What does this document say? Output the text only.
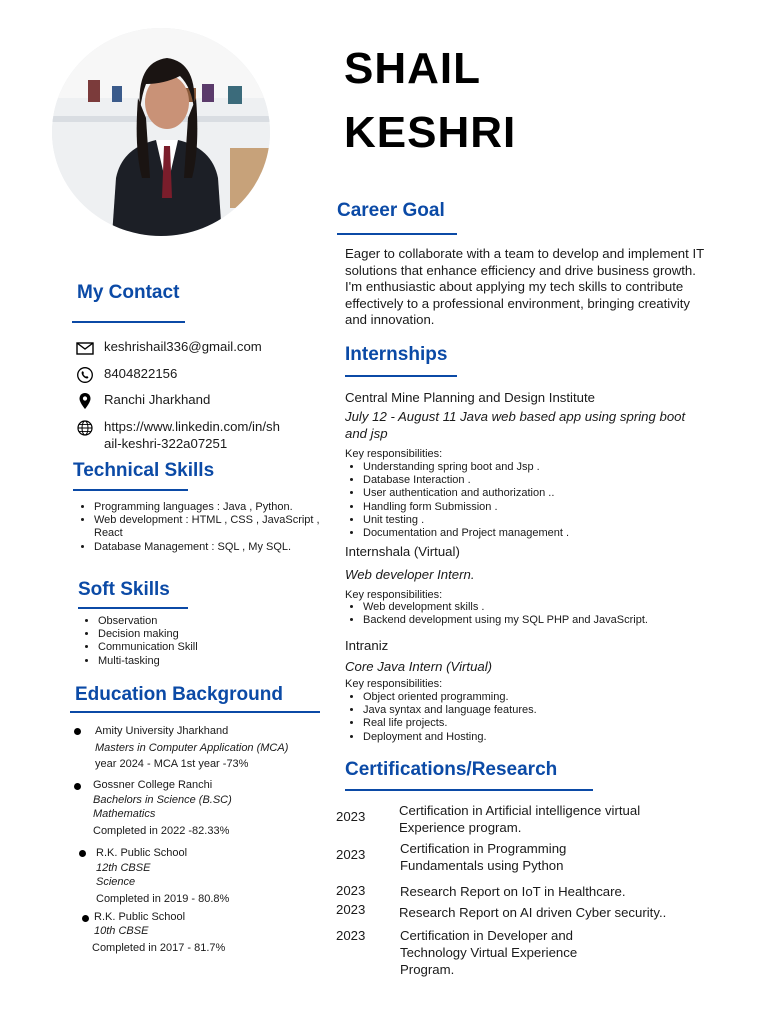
SHAIL
KESHRI
Career Goal
Eager to collaborate with a team to develop and implement IT solutions that enhance efficiency and drive business growth. I'm enthusiastic about applying my tech skills to contribute effectively to a professional environment, bringing creativity and innovation.
My Contact
keshrishail336@gmail.com
8404822156
Ranchi Jharkhand
https://www.linkedin.com/in/sh
ail-keshri-322a07251
Technical Skills
• Programming languages : Java , Python.
• Web development : HTML , CSS , JavaScript , React
• Database Management : SQL , My SQL.
Soft Skills
• Observation
• Decision making
• Communication Skill
• Multi-tasking
Education Background
Amity University Jharkhand
Masters in Computer Application (MCA)
year 2024 - MCA 1st year -73%
Gossner College Ranchi
Bachelors in Science (B.SC)
Mathematics
Completed in 2022 -82.33%
R.K. Public School
12th CBSE
Science
Completed in 2019 - 80.8%
R.K. Public School
10th CBSE
Completed in 2017 - 81.7%
Internships
Central Mine Planning and Design Institute
July 12 - August 11 Java web based app using spring boot and jsp
Key responsibilities:
• Understanding spring boot and Jsp .
• Database Interaction .
• User authentication and authorization ..
• Handling form Submission .
• Unit testing .
• Documentation and Project management .
Internshala (Virtual)
Web developer Intern.
Key responsibilities:
• Web development skills .
• Backend development using my SQL PHP and JavaScript.
Intraniz
Core Java Intern (Virtual)
Key responsibilities:
• Object oriented programming.
• Java syntax and language features.
• Real life projects.
• Deployment and Hosting.
Certifications/Research
2023	Certification in Artificial intelligence virtual Experience program.
2023	Certification in Programming Fundamentals using Python
2023	Research Report on IoT in Healthcare.
2023	Research Report on AI driven Cyber security..
2023	Certification in Developer and Technology Virtual Experience Program.
